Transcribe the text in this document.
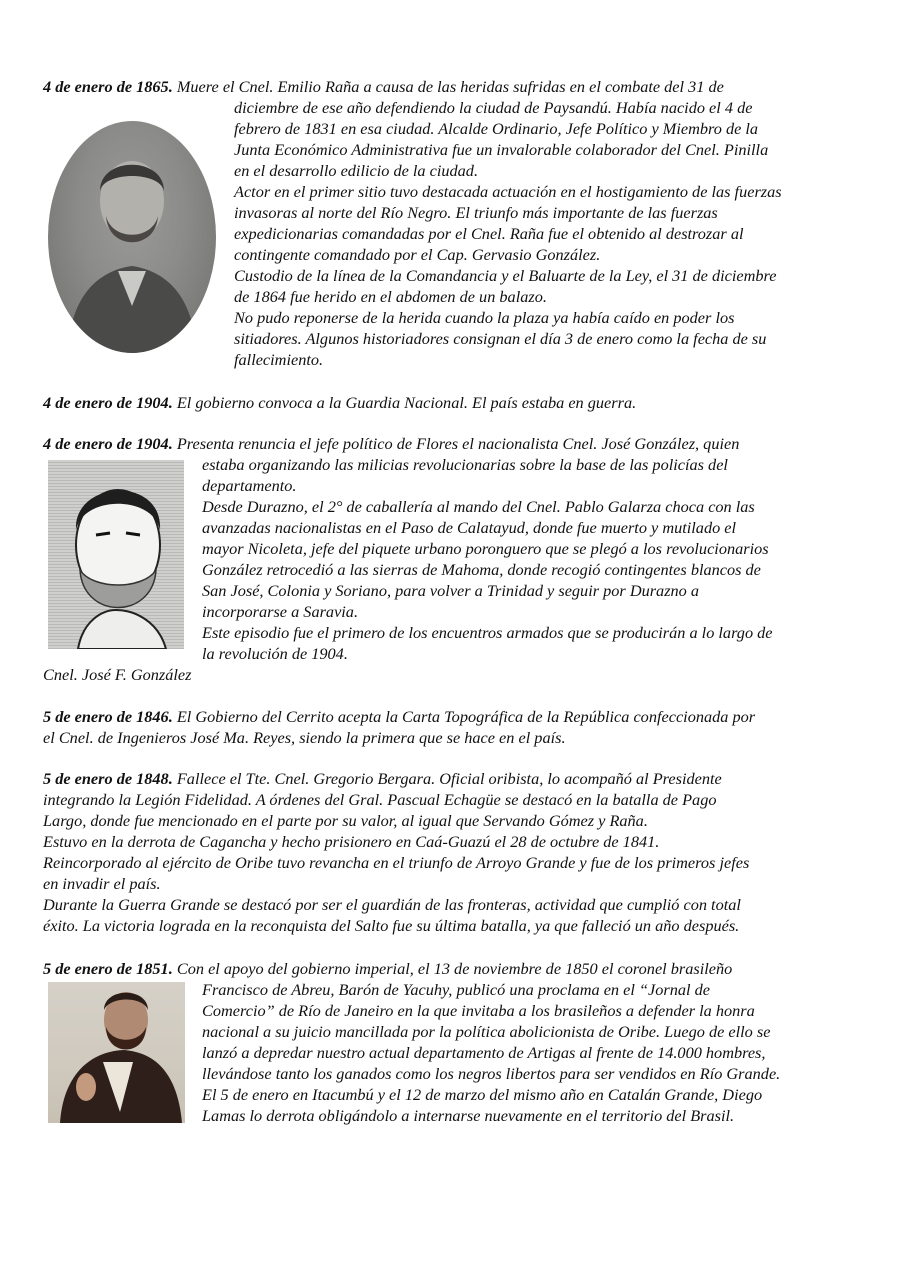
4 de enero de 1865. Muere el Cnel. Emilio Raña a causa de las heridas sufridas en el combate del 31 de
diciembre de ese año defendiendo la ciudad de Paysandú. Había nacido el 4 de
febrero de 1831 en esa ciudad. Alcalde Ordinario, Jefe Político y Miembro de la
Junta Económico Administrativa fue un invalorable colaborador del Cnel. Pinilla
en el desarrollo edilicio de la ciudad.
Actor en el primer sitio tuvo destacada actuación en el hostigamiento de las fuerzas
invasoras al norte del Río Negro. El triunfo más importante de las fuerzas
expedicionarias comandadas por el Cnel. Raña fue el obtenido al destrozar al
contingente comandado por el Cap. Gervasio González.
Custodio de la línea de la Comandancia y el Baluarte de la Ley, el 31 de diciembre
de 1864 fue herido en el abdomen de un balazo.
No pudo reponerse de la herida cuando la plaza ya había caído en poder los
sitiadores. Algunos historiadores consignan el día 3 de enero como la fecha de su
fallecimiento.
4 de enero de 1904. El gobierno convoca a la Guardia Nacional. El país estaba en guerra.
4 de enero de 1904. Presenta renuncia el jefe político de Flores el nacionalista Cnel. José González, quien
estaba organizando las milicias revolucionarias sobre la base de las policías del
departamento.
Desde Durazno, el 2° de caballería al mando del Cnel. Pablo Galarza choca con las
avanzadas nacionalistas en el Paso de Calatayud, donde fue muerto y mutilado el
mayor Nicoleta, jefe del piquete urbano poronguero que se plegó a los revolucionarios
González retrocedió a las sierras de Mahoma, donde recogió contingentes blancos de
San José, Colonia y Soriano, para volver a Trinidad y seguir por Durazno a
incorporarse a Saravia.
Este episodio fue el primero de los encuentros armados que se producirán a lo largo de
la revolución de 1904.
Cnel. José F. González
5 de enero de 1846. El Gobierno del Cerrito acepta la Carta Topográfica de la República confeccionada por
el Cnel. de Ingenieros José Ma. Reyes, siendo la primera que se hace en el país.
5 de enero de 1848. Fallece el Tte. Cnel. Gregorio Bergara. Oficial oribista, lo acompañó al Presidente
integrando la Legión Fidelidad. A órdenes del Gral. Pascual Echagüe se destacó en la batalla de Pago
Largo, donde fue mencionado en el parte por su valor, al igual que Servando Gómez y Raña.
Estuvo en la derrota de Cagancha y hecho prisionero en Caá-Guazú el 28 de octubre de 1841.
Reincorporado al ejército de Oribe tuvo revancha en el triunfo de Arroyo Grande y fue de los primeros jefes
en invadir el país.
Durante la Guerra Grande se destacó por ser el guardián de las fronteras, actividad que cumplió con total
éxito. La victoria lograda en la reconquista del Salto fue su última batalla, ya que falleció un año después.
5 de enero de 1851. Con el apoyo del gobierno imperial, el 13 de noviembre de 1850 el coronel brasileño
Francisco de Abreu, Barón de Yacuhy, publicó una proclama en el “Jornal de
Comercio” de Río de Janeiro en la que invitaba a los brasileños a defender la honra
nacional a su juicio mancillada por la política abolicionista de Oribe. Luego de ello se
lanzó a depredar nuestro actual departamento de Artigas al frente de 14.000 hombres,
llevándose tanto los ganados como los negros libertos para ser vendidos en Río Grande.
El 5 de enero en Itacumbú y el 12 de marzo del mismo año en Catalán Grande, Diego
Lamas lo derrota obligándolo a internarse nuevamente en el territorio del Brasil.
